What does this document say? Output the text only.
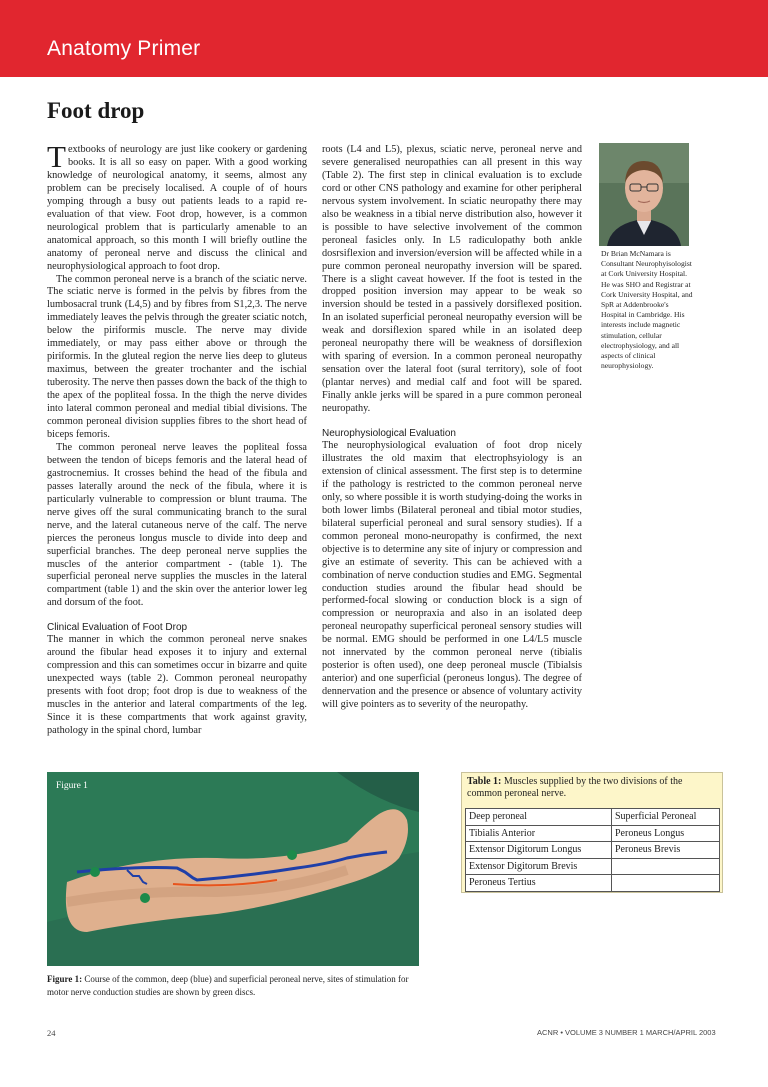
Anatomy Primer
Foot drop

Textbooks of neurology are just like cookery or gardening books. It is all so easy on paper. With a good working knowledge of neurological anatomy, it seems, almost any problem can be precisely localised. A couple of of hours yomping through a busy out patients leads to a rapid re-evaluation of that view. Foot drop, however, is a common neurological problem that is particularly amenable to an anatomical approach, so this month I will briefly outline the anatomy of peroneal nerve and discuss the clinical and neurophysiological approach to foot drop.

The common peroneal nerve is a branch of the sciatic nerve. The sciatic nerve is formed in the pelvis by fibres from the lumbosacral trunk (L4,5) and by fibres from S1,2,3. The nerve immediately leaves the pelvis through the greater sciatic notch, below the piriformis muscle. The nerve may divide immediately, or may pass either above or through the piriformis. In the gluteal region the nerve lies deep to gluteus maximus, between the greater trochanter and the ischial tuberosity. The nerve then passes down the back of the thigh to the apex of the popliteal fossa. In the thigh the nerve divides into lateral common peroneal and medial tibial divisions. The common peroneal division supplies fibres to the short head of biceps femoris.

The common peroneal nerve leaves the popliteal fossa between the tendon of biceps femoris and the lateral head of gastrocnemius. It crosses behind the head of the fibula and passes laterally around the neck of the fibula, where it is particularly vulnerable to compression or blunt trauma. The nerve gives off the sural communicating branch to the sural nerve, and the lateral cutaneous nerve of the calf. The nerve pierces the peroneus longus muscle to divide into deep and superficial branches. The deep peroneal nerve supplies the muscles of the anterior compartment - (table 1). The superficial peroneal nerve supplies the muscles in the lateral compartment (table 1) and the skin over the anterior lower leg and dorsum of the foot.

Clinical Evaluation of Foot Drop

The manner in which the common peroneal nerve snakes around the fibular head exposes it to injury and external compression and this can sometimes occur in bizarre and quite unexpected ways (table 2). Common peroneal neuropathy presents with foot drop; foot drop is due to weakness of the muscles in the anterior and lateral compartments of the leg. Since it is these compartments that work against gravity, pathology in the spinal chord, lumbar

roots (L4 and L5), plexus, sciatic nerve, peroneal nerve and severe generalised neuropathies can all present in this way (Table 2). The first step in clinical evaluation is to exclude cord or other CNS pathology and examine for other peripheral nervous system involvement. In sciatic neuropathy there may also be weakness in a tibial nerve distribution also, however it is possible to have selective involvement of the common peroneal fasicles only. In L5 radiculopathy both ankle dosrsiflexion and inversion/eversion will be affected while in a pure common peroneal neuropathy inversion will be spared. There is a slight caveat however. If the foot is tested in the dropped position inversion may appear to be weak so inversion should be tested in a passively dorsiflexed position. In an isolated superficial peroneal neuropathy eversion will be weak and dorsiflexion spared while in an isolated deep peroneal neuropathy there will be weakness of dorsiflexion with sparing of eversion. In a common peroneal neuropathy sensation over the lateral foot (sural territory), sole of foot (plantar nerves) and medial calf and foot will be spared. Finally ankle jerks will be spared in a pure common peroneal neuropathy.

Neurophysiological Evaluation

The neurophysiological evaluation of foot drop nicely illustrates the old maxim that electrophsyiology is an extension of clinical assessment. The first step is to determine if the pathology is restricted to the common peroneal nerve only, so where possible it is worth studying-doing the works in both lower limbs (Bilateral peroneal and tibial motor studies, bilateral superficial peroneal and sural sensory studies). If a common peroneal mono-neuropathy is confirmed, the next objective is to determine any site of injury or compression and give an estimate of severity. This can be achieved with a combination of nerve conduction studies and EMG. Segmental conduction studies around the fibular head should be performed-focal slowing or conduction block is a sign of compression or neuropraxia and also in an isolated deep peroneal neuropathy superficical peroneal sensory studies will be normal. EMG should be performed in one L4/L5 muscle not innervated by the common peroneal nerve (tibialis posterior is often used), one deep peroneal muscle (Tibialsis anterior) and one superficial (peroneus longus). The degree of dennervation and the presence or absence of voluntary activity will give pointers as to severity of the neuropathy.

Dr Brian McNamara is Consultant Neurophyisologist at Cork University Hospital. He was SHO and Registrar at Cork University Hospital, and SpR at Addenbrooke's Hospital in Cambridge. His interests include magnetic stimulation, cellular electrophysiology, and all aspects of clinical neurophysiology.
Figure 1
Figure 1: Course of the common, deep (blue) and superficial peroneal nerve, sites of stimulation for motor nerve conduction studies are shown by green discs.
Table 1: Muscles supplied by the two divisions of the common peroneal nerve.
Deep peroneal	Superficial Peroneal
Tibialis Anterior	Peroneus Longus
Extensor Digitorum Longus	Peroneus Brevis
Extensor Digitorum Brevis	
Peroneus Tertius	
24	ACNR • VOLUME 3 NUMBER 1 MARCH/APRIL 2003
